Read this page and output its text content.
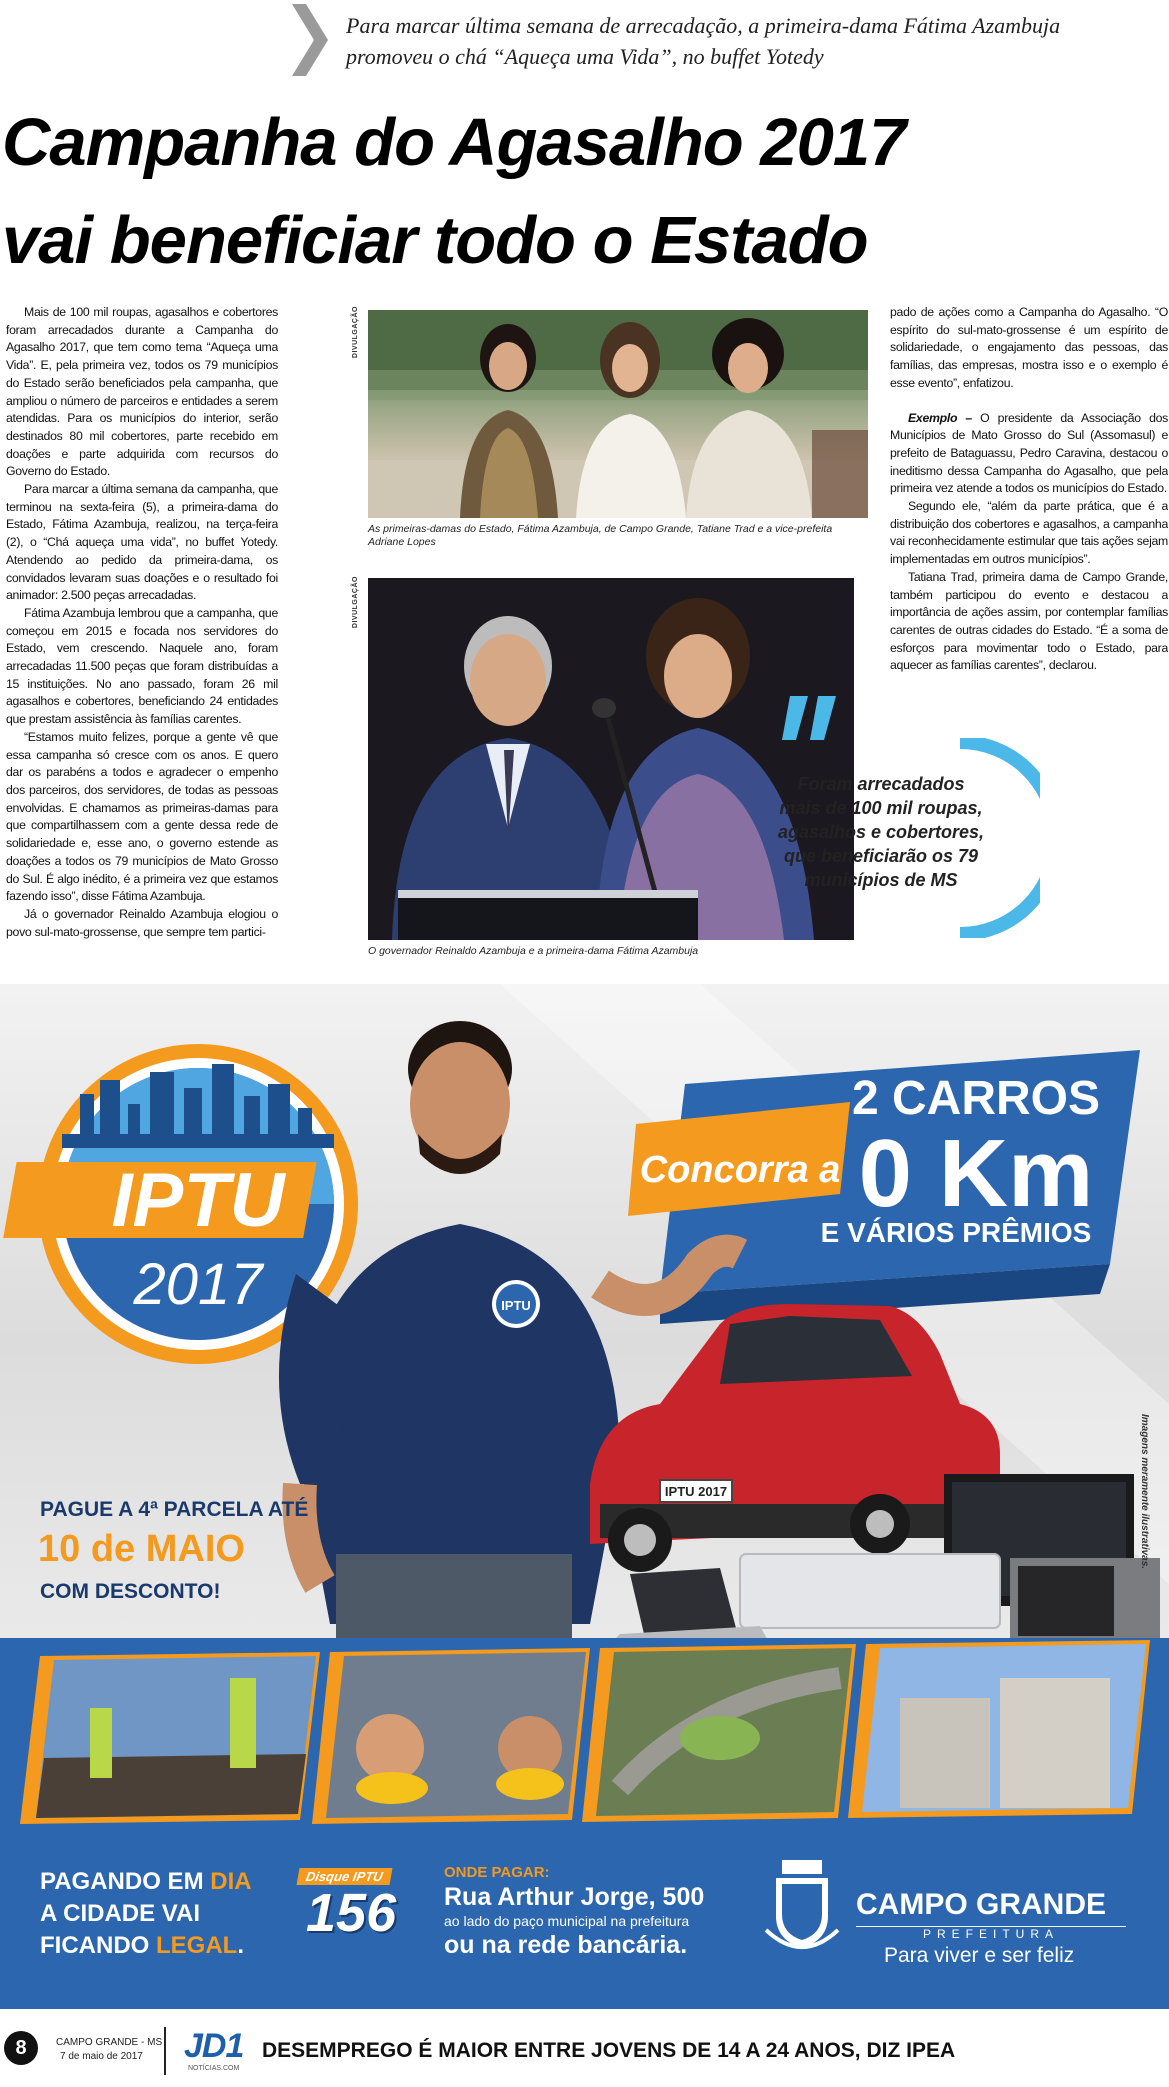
Para marcar última semana de arrecadação, a primeira-dama Fátima Azambuja promoveu o chá “Aqueça uma Vida”, no buffet Yotedy
Campanha do Agasalho 2017
vai beneficiar todo o Estado

Mais de 100 mil roupas, agasalhos e cobertores foram arrecadados durante a Campanha do Agasalho 2017, que tem como tema “Aqueça uma Vida”. E, pela primeira vez, todos os 79 municípios do Estado serão beneficiados pela campanha, que ampliou o número de parceiros e entidades a serem atendidas. Para os municípios do interior, serão destinados 80 mil cobertores, parte recebido em doações e parte adquirida com recursos do Governo do Estado.

Para marcar a última semana da campanha, que terminou na sexta-feira (5), a primeira-dama do Estado, Fátima Azambuja, realizou, na terça-feira (2), o “Chá aqueça uma vida”, no buffet Yotedy. Atendendo ao pedido da primeira-dama, os convidados levaram suas doações e o resultado foi animador: 2.500 peças arrecadadas.

Fátima Azambuja lembrou que a campanha, que começou em 2015 e focada nos servidores do Estado, vem crescendo. Naquele ano, foram arrecadadas 11.500 peças que foram distribuídas a 15 instituições. No ano passado, foram 26 mil agasalhos e cobertores, beneficiando 24 entidades que prestam assistência às famílias carentes.

“Estamos muito felizes, porque a gente vê que essa campanha só cresce com os anos. E quero dar os parabéns a todos e agradecer o empenho dos parceiros, dos servidores, de todas as pessoas envolvidas. E chamamos as primeiras-damas para que compartilhassem com a gente dessa rede de solidariedade e, esse ano, o governo estende as doações a todos os 79 municípios de Mato Grosso do Sul. É algo inédito, é a primeira vez que estamos fazendo isso”, disse Fátima Azambuja.

Já o governador Reinaldo Azambuja elogiou o povo sul-mato-grossense, que sempre tem partici-

DIVULGAÇÃO
As primeiras-damas do Estado, Fátima Azambuja, de Campo Grande, Tatiane Trad e a vice-prefeita Adriane Lopes
DIVULGAÇÃO
O governador Reinaldo Azambuja e a primeira-dama Fátima Azambuja
Foram arrecadados mais de 100 mil roupas, agasalhos e cobertores, que beneficiarão os 79 municípios de MS
pado de ações como a Campanha do Agasalho. “O espírito do sul-mato-grossense é um espírito de solidariedade, o engajamento das pessoas, das famílias, das empresas, mostra isso e o exemplo é esse evento”, enfatizou.

Exemplo – O presidente da Associação dos Municípios de Mato Grosso do Sul (Assomasul) e prefeito de Bataguassu, Pedro Caravina, destacou o ineditismo dessa Campanha do Agasalho, que pela primeira vez atende a todos os municípios do Estado.

Segundo ele, “além da parte prática, que é a distribuição dos cobertores e agasalhos, a campanha vai reconhecidamente estimular que tais ações sejam implementadas em outros municípios”.

Tatiana Trad, primeira dama de Campo Grande, também participou do evento e destacou a importância de ações assim, por contemplar famílias carentes de outras cidades do Estado. “É a soma de esforços para movimentar todo o Estado, para aquecer as famílias carentes”, declarou.

IPTU
2017
Concorra a
2 CARROS
0 Km
E VÁRIOS PRÊMIOS
IPTU
IPTU 2017	Imagens meramente ilustrativas.
PAGUE A 4ª PARCELA ATÉ
10 de MAIO
COM DESCONTO!
PAGANDO EM DIA
A CIDADE VAI
FICANDO LEGAL.
Disque IPTU
156
ONDE PAGAR:
Rua Arthur Jorge, 500
ao lado do paço municipal na prefeitura
ou na rede bancária.
CAMPO GRANDE
PREFEITURA
Para viver e ser feliz
8	CAMPO GRANDE - MS
7 de maio de 2017 JD1
NOTÍCIAS.COM
DESEMPREGO É MAIOR ENTRE JOVENS DE 14 A 24 ANOS, DIZ IPEA
